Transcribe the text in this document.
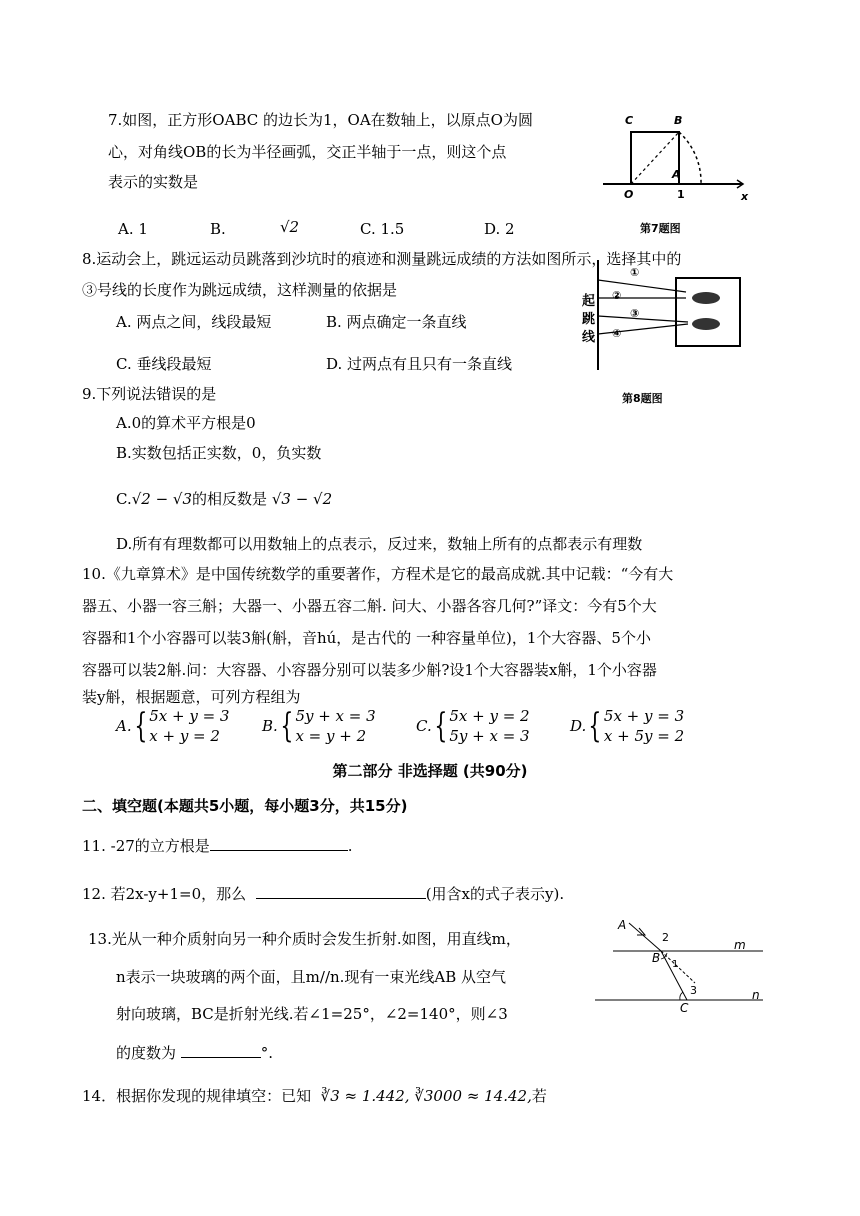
7.如图，正方形OABC 的边长为1，OA在数轴上，以原点O为圆
心，对角线OB的长为半径画弧，交正半轴于一点，则这个点
表示的实数是
A. 1	B.	√2	C. 1.5	D. 2
C	B
A
O	1	x
第7题图
8.运动会上，跳远运动员跳落到沙坑时的痕迹和测量跳远成绩的方法如图所示，选择其中的
③号线的长度作为跳远成绩，这样测量的依据是
A. 两点之间，线段最短	B. 两点确定一条直线
C. 垂线段最短	D. 过两点有且只有一条直线
①
②
③
④
起
跳
线
第8题图
9.下列说法错误的是
A.0的算术平方根是0
B.实数包括正实数，0，负实数
C.√2 − √3的相反数是 √3 − √2
D.所有有理数都可以用数轴上的点表示，反过来，数轴上所有的点都表示有理数
10.《九章算术》是中国传统数学的重要著作，方程术是它的最高成就.其中记载：“今有大
器五、小器一容三斛；大器一、小器五容二斛. 问大、小器各容几何?”译文：今有5个大
容器和1个小容器可以装3斛(斛，音hú，是古代的 一种容量单位)，1个大容器、5个小
容器可以装2斛.问：大容器、小容器分别可以装多少斛?设1个大容器装x斛，1个小容器
装y斛，根据题意，可列方程组为
A.{ 5x + y = 3
x + y = 2
B.{ 5y + x = 3
x = y + 2
C.{ 5x + y = 2
5y + x = 3
D.{ 5x + y = 3
x + 5y = 2
第二部分 非选择题 (共90分)
二、填空题(本题共5小题，每小题3分，共15分)
11. -27的立方根是	.
12. 若2x-y+1=0，那么	(用含x的式子表示y).
13.光从一种介质射向另一种介质时会发生折射.如图，用直线m，
n表示一块玻璃的两个面，且m//n.现有一束光线AB 从空气
射向玻璃，BC是折射光线.若∠1=25°，∠2=140°，则∠3
的度数为	°.
A
2
m
B 1
3	n
C
14．根据你发现的规律填空：已知 ∛3 ≈ 1.442, ∛3000 ≈ 14.42,若
